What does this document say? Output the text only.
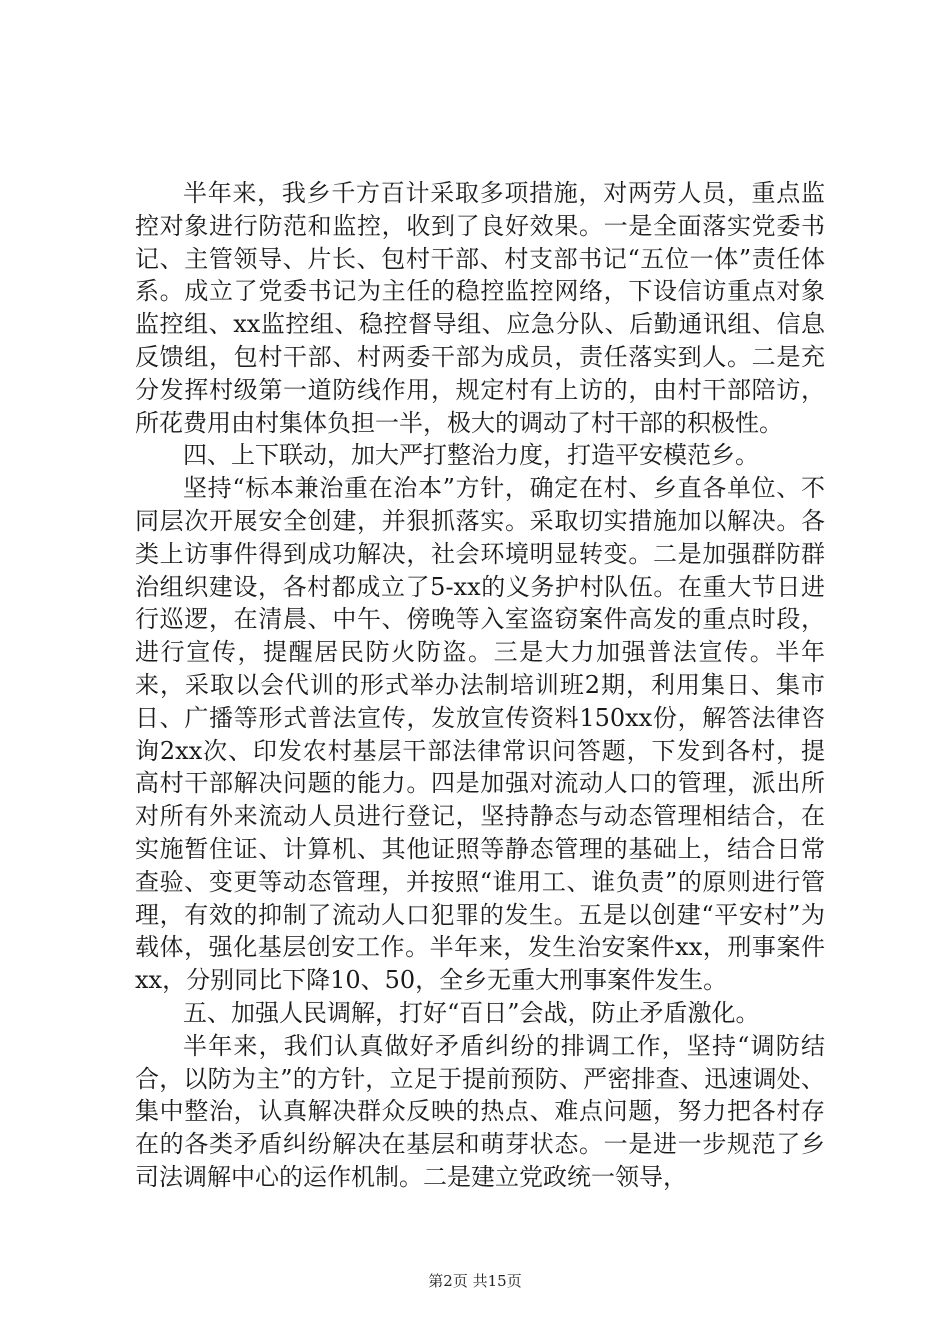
半年来，我乡千方百计采取多项措施，对两劳人员，重点监控对象进行防范和监控，收到了良好效果。一是全面落实党委书记、主管领导、片长、包村干部、村支部书记“五位一体”责任体系。成立了党委书记为主任的稳控监控网络，下设信访重点对象监控组、xx监控组、稳控督导组、应急分队、后勤通讯组、信息反馈组，包村干部、村两委干部为成员，责任落实到人。二是充分发挥村级第一道防线作用，规定村有上访的，由村干部陪访，所花费用由村集体负担一半，极大的调动了村干部的积极性。

四、上下联动，加大严打整治力度，打造平安模范乡。

坚持“标本兼治重在治本”方针，确定在村、乡直各单位、不同层次开展安全创建，并狠抓落实。采取切实措施加以解决。各类上访事件得到成功解决，社会环境明显转变。二是加强群防群治组织建设，各村都成立了5-xx的义务护村队伍。在重大节日进行巡逻，在清晨、中午、傍晚等入室盗窃案件高发的重点时段，进行宣传，提醒居民防火防盗。三是大力加强普法宣传。半年来，采取以会代训的形式举办法制培训班2期，利用集日、集市日、广播等形式普法宣传，发放宣传资料150xx份，解答法律咨询2xx次、印发农村基层干部法律常识问答题，下发到各村，提高村干部解决问题的能力。四是加强对流动人口的管理，派出所对所有外来流动人员进行登记，坚持静态与动态管理相结合，在实施暂住证、计算机、其他证照等静态管理的基础上，结合日常查验、变更等动态管理，并按照“谁用工、谁负责”的原则进行管理，有效的抑制了流动人口犯罪的发生。五是以创建“平安村”为载体，强化基层创安工作。半年来，发生治安案件xx，刑事案件xx，分别同比下降10、50，全乡无重大刑事案件发生。

五、加强人民调解，打好“百日”会战，防止矛盾激化。

半年来，我们认真做好矛盾纠纷的排调工作，坚持“调防结合，以防为主”的方针，立足于提前预防、严密排查、迅速调处、集中整治，认真解决群众反映的热点、难点问题，努力把各村存在的各类矛盾纠纷解决在基层和萌芽状态。一是进一步规范了乡司法调解中心的运作机制。二是建立党政统一领导，

第2页 共15页
